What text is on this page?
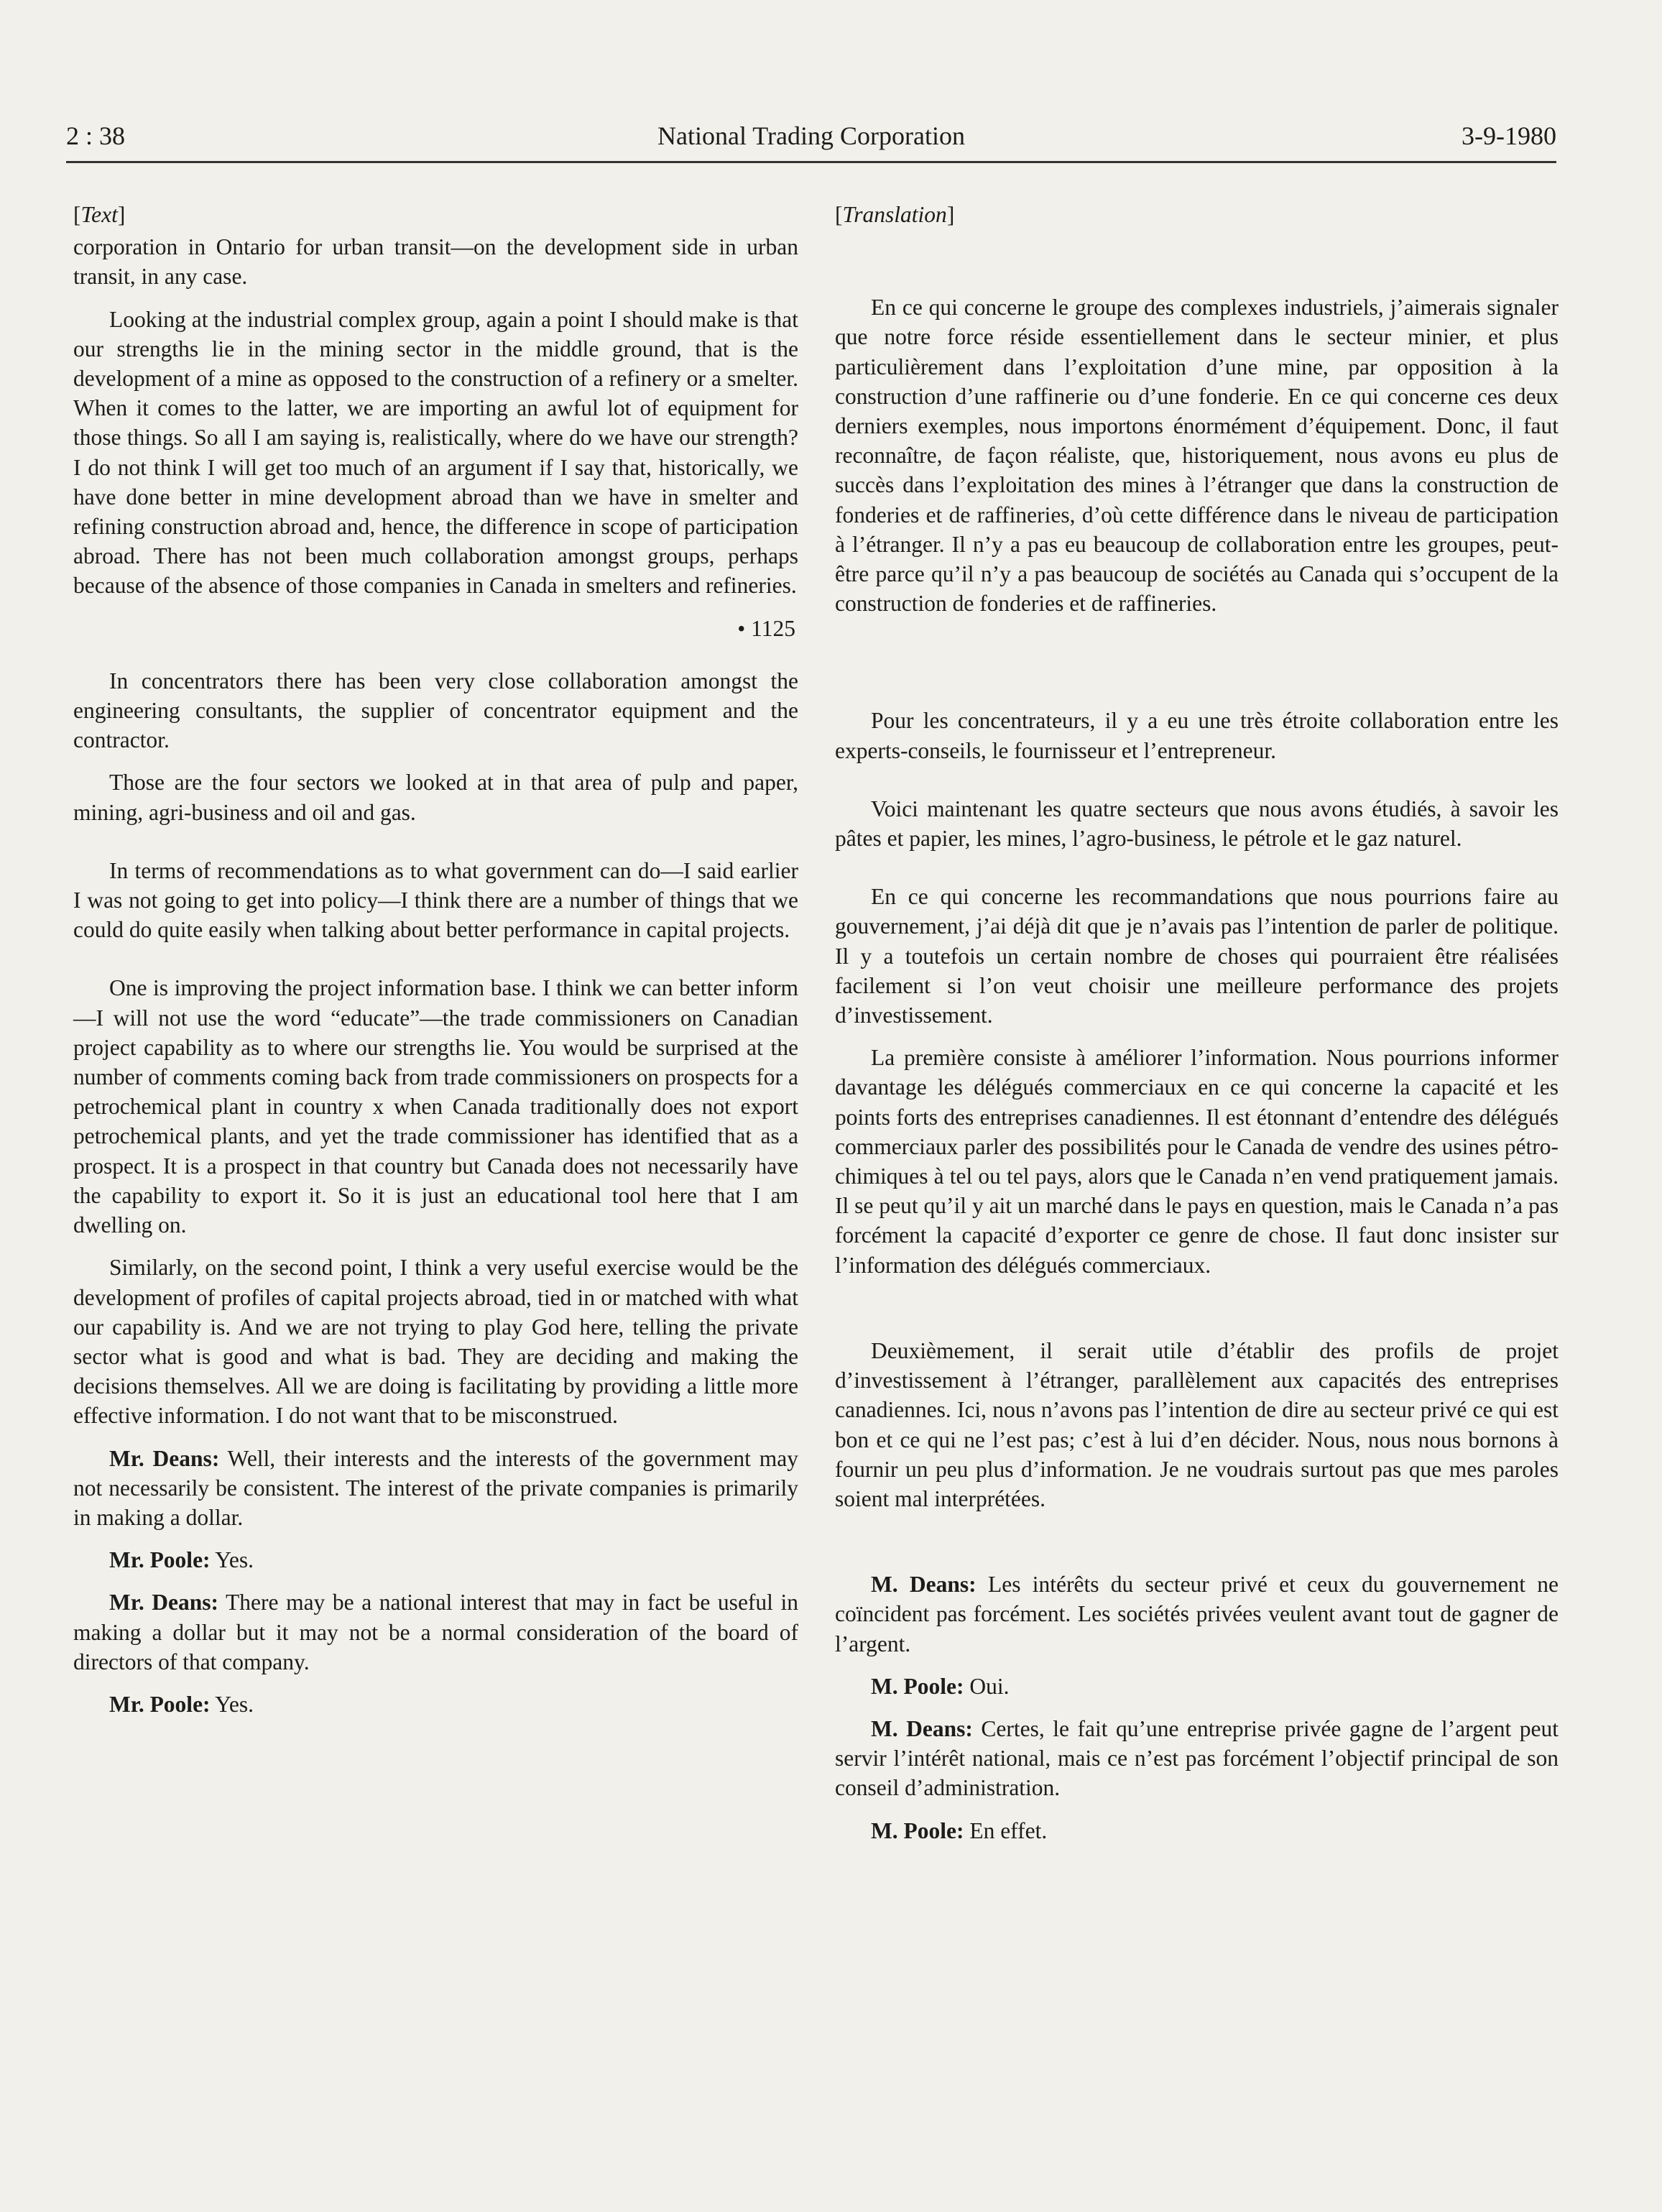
2 : 38	National Trading Corporation	3-9-1980
[Text]

corporation in Ontario for urban transit—on the development side in urban transit, in any case.

Looking at the industrial complex group, again a point I should make is that our strengths lie in the mining sector in the middle ground, that is the development of a mine as opposed to the construction of a refinery or a smelter. When it comes to the latter, we are importing an awful lot of equipment for those things. So all I am saying is, realistically, where do we have our strength? I do not think I will get too much of an argument if I say that, historically, we have done better in mine development abroad than we have in smelter and refining construction abroad and, hence, the difference in scope of participation abroad. There has not been much collaboration amongst groups, perhaps because of the absence of those companies in Canada in smelters and refineries.

• 1125

In concentrators there has been very close collaboration amongst the engineering consultants, the supplier of concentrator equipment and the contractor.

Those are the four sectors we looked at in that area of pulp and paper, mining, agri-business and oil and gas.

In terms of recommendations as to what government can do—I said earlier I was not going to get into policy—I think there are a number of things that we could do quite easily when talking about better performance in capital projects.

One is improving the project information base. I think we can better inform—I will not use the word “educate”—the trade commissioners on Canadian project capability as to where our strengths lie. You would be surprised at the number of comments coming back from trade commissioners on prospects for a petrochemical plant in country x when Canada traditionally does not export petrochemical plants, and yet the trade commissioner has identified that as a prospect. It is a prospect in that country but Canada does not necessarily have the capability to export it. So it is just an educational tool here that I am dwelling on.

Similarly, on the second point, I think a very useful exercise would be the development of profiles of capital projects abroad, tied in or matched with what our capability is. And we are not trying to play God here, telling the private sector what is good and what is bad. They are deciding and making the decisions themselves. All we are doing is facilitating by providing a little more effective information. I do not want that to be misconstrued.

Mr. Deans: Well, their interests and the interests of the government may not necessarily be consistent. The interest of the private companies is primarily in making a dollar.

Mr. Poole: Yes.

Mr. Deans: There may be a national interest that may in fact be useful in making a dollar but it may not be a normal consideration of the board of directors of that company.

Mr. Poole: Yes.

[Translation]

En ce qui concerne le groupe des complexes industriels, j’aimerais signaler que notre force réside essentiellement dans le secteur minier, et plus particulièrement dans l’exploitation d’une mine, par opposition à la construction d’une raffinerie ou d’une fonderie. En ce qui concerne ces deux derniers exemples, nous importons énormément d’équipement. Donc, il faut reconnaître, de façon réaliste, que, historiquement, nous avons eu plus de succès dans l’exploitation des mines à l’étranger que dans la construction de fonderies et de raffineries, d’où cette différence dans le niveau de participation à l’étranger. Il n’y a pas eu beaucoup de collaboration entre les groupes, peut-être parce qu’il n’y a pas beaucoup de sociétés au Canada qui s’occupent de la construction de fonderies et de raffineries.

Pour les concentrateurs, il y a eu une très étroite collaboration entre les experts-conseils, le fournisseur et l’entrepreneur.

Voici maintenant les quatre secteurs que nous avons étudiés, à savoir les pâtes et papier, les mines, l’agro-business, le pétrole et le gaz naturel.

En ce qui concerne les recommandations que nous pourrions faire au gouvernement, j’ai déjà dit que je n’avais pas l’intention de parler de politique. Il y a toutefois un certain nombre de choses qui pourraient être réalisées facilement si l’on veut choisir une meilleure performance des projets d’investissement.

La première consiste à améliorer l’information. Nous pourrions informer davantage les délégués commerciaux en ce qui concerne la capacité et les points forts des entreprises canadiennes. Il est étonnant d’entendre des délégués commerciaux parler des possibilités pour le Canada de vendre des usines pétro-chimiques à tel ou tel pays, alors que le Canada n’en vend pratiquement jamais. Il se peut qu’il y ait un marché dans le pays en question, mais le Canada n’a pas forcément la capacité d’exporter ce genre de chose. Il faut donc insister sur l’information des délégués commerciaux.

Deuxièmement, il serait utile d’établir des profils de projet d’investissement à l’étranger, parallèlement aux capacités des entreprises canadiennes. Ici, nous n’avons pas l’intention de dire au secteur privé ce qui est bon et ce qui ne l’est pas; c’est à lui d’en décider. Nous, nous nous bornons à fournir un peu plus d’information. Je ne voudrais surtout pas que mes paroles soient mal interprétées.

M. Deans: Les intérêts du secteur privé et ceux du gouvernement ne coïncident pas forcément. Les sociétés privées veulent avant tout de gagner de l’argent.

M. Poole: Oui.

M. Deans: Certes, le fait qu’une entreprise privée gagne de l’argent peut servir l’intérêt national, mais ce n’est pas forcément l’objectif principal de son conseil d’administration.

M. Poole: En effet.
